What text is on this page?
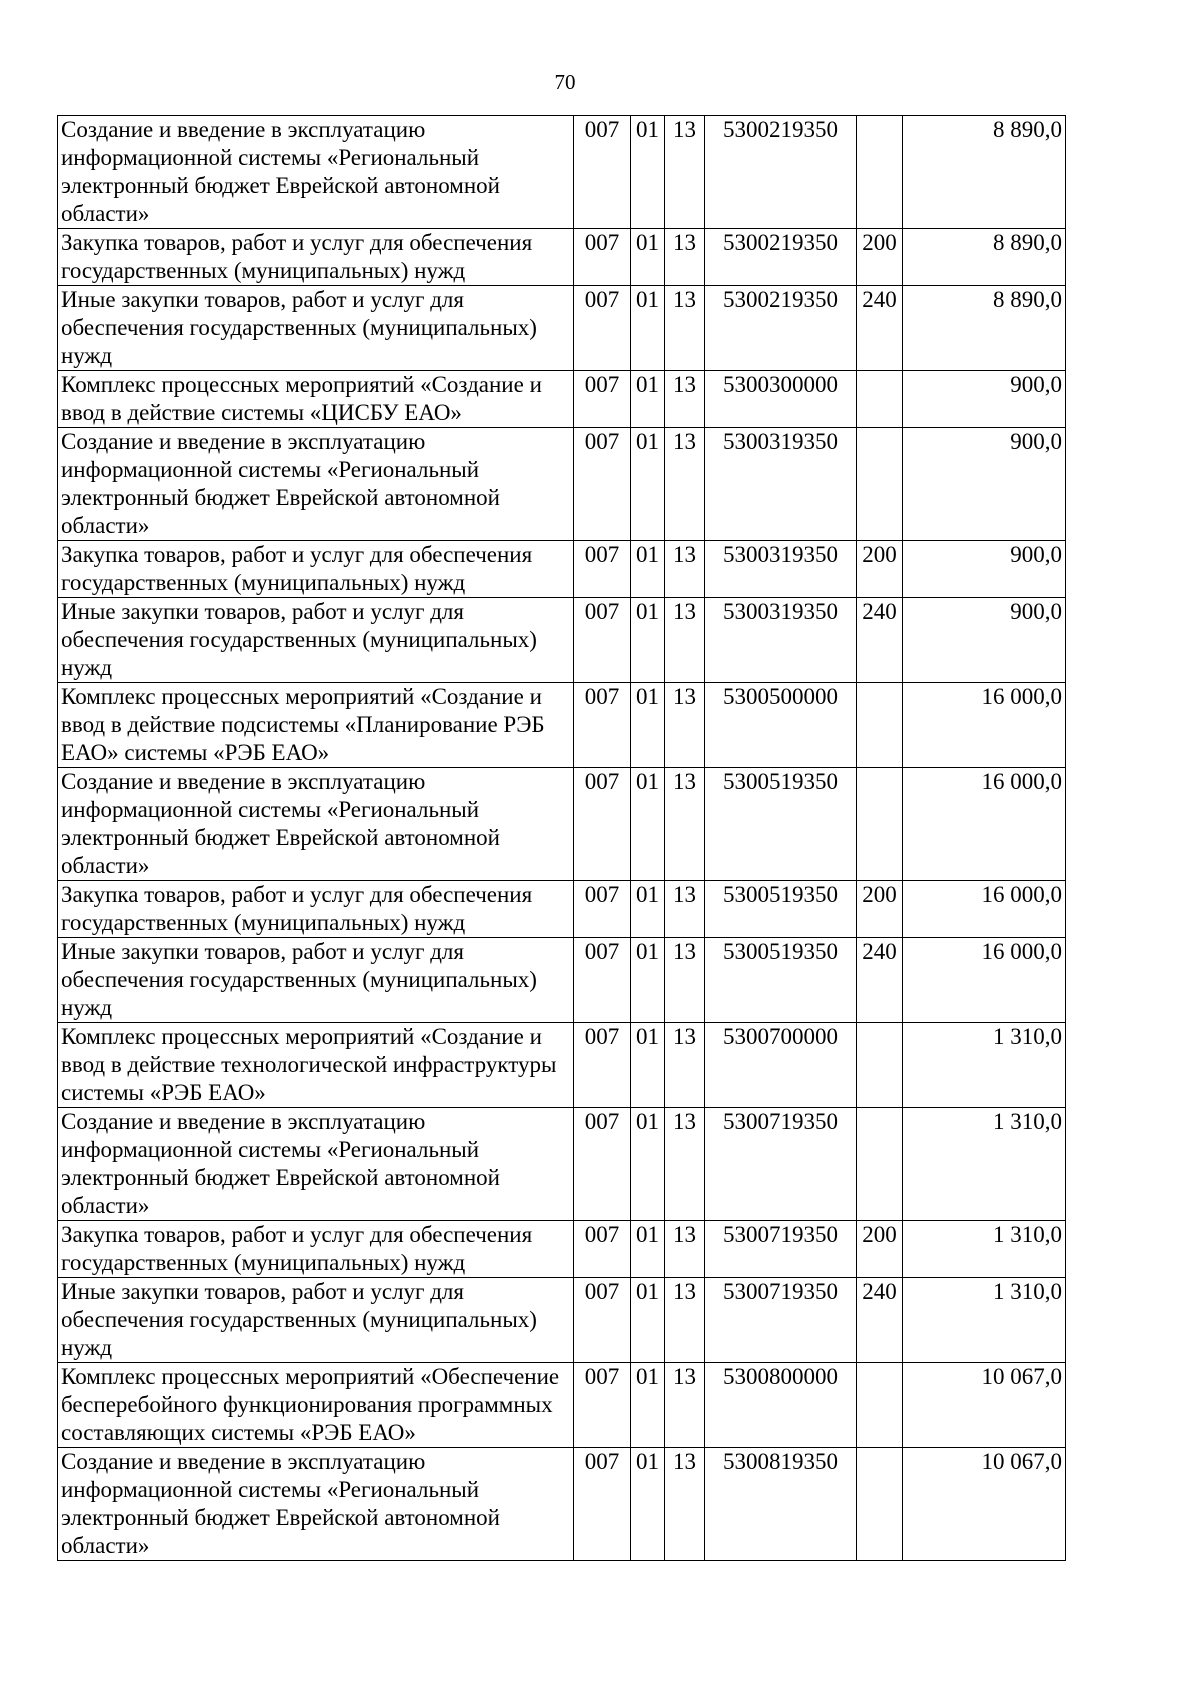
70
Создание и введение в эксплуатацию информационной системы «Региональный электронный бюджет Еврейской автономной области»	007	01	13	5300219350		8 890,0
Закупка товаров, работ и услуг для обеспечения государственных (муниципальных) нужд	007	01	13	5300219350	200	8 890,0
Иные закупки товаров, работ и услуг для обеспечения государственных (муниципальных) нужд	007	01	13	5300219350	240	8 890,0
Комплекс процессных мероприятий «Создание и ввод в действие системы «ЦИСБУ ЕАО»	007	01	13	5300300000		900,0
Создание и введение в эксплуатацию информационной системы «Региональный электронный бюджет Еврейской автономной области»	007	01	13	5300319350		900,0
Закупка товаров, работ и услуг для обеспечения государственных (муниципальных) нужд	007	01	13	5300319350	200	900,0
Иные закупки товаров, работ и услуг для обеспечения государственных (муниципальных) нужд	007	01	13	5300319350	240	900,0
Комплекс процессных мероприятий «Создание и ввод в действие подсистемы «Планирование РЭБ ЕАО» системы «РЭБ ЕАО»	007	01	13	5300500000		16 000,0
Создание и введение в эксплуатацию информационной системы «Региональный электронный бюджет Еврейской автономной области»	007	01	13	5300519350		16 000,0
Закупка товаров, работ и услуг для обеспечения государственных (муниципальных) нужд	007	01	13	5300519350	200	16 000,0
Иные закупки товаров, работ и услуг для обеспечения государственных (муниципальных) нужд	007	01	13	5300519350	240	16 000,0
Комплекс процессных мероприятий «Создание и ввод в действие технологической инфраструктуры системы «РЭБ ЕАО»	007	01	13	5300700000		1 310,0
Создание и введение в эксплуатацию информационной системы «Региональный электронный бюджет Еврейской автономной области»	007	01	13	5300719350		1 310,0
Закупка товаров, работ и услуг для обеспечения государственных (муниципальных) нужд	007	01	13	5300719350	200	1 310,0
Иные закупки товаров, работ и услуг для обеспечения государственных (муниципальных) нужд	007	01	13	5300719350	240	1 310,0
Комплекс процессных мероприятий «Обеспечение бесперебойного функционирования программных составляющих системы «РЭБ ЕАО»	007	01	13	5300800000		10 067,0
Создание и введение в эксплуатацию информационной системы «Региональный электронный бюджет Еврейской автономной области»	007	01	13	5300819350		10 067,0
